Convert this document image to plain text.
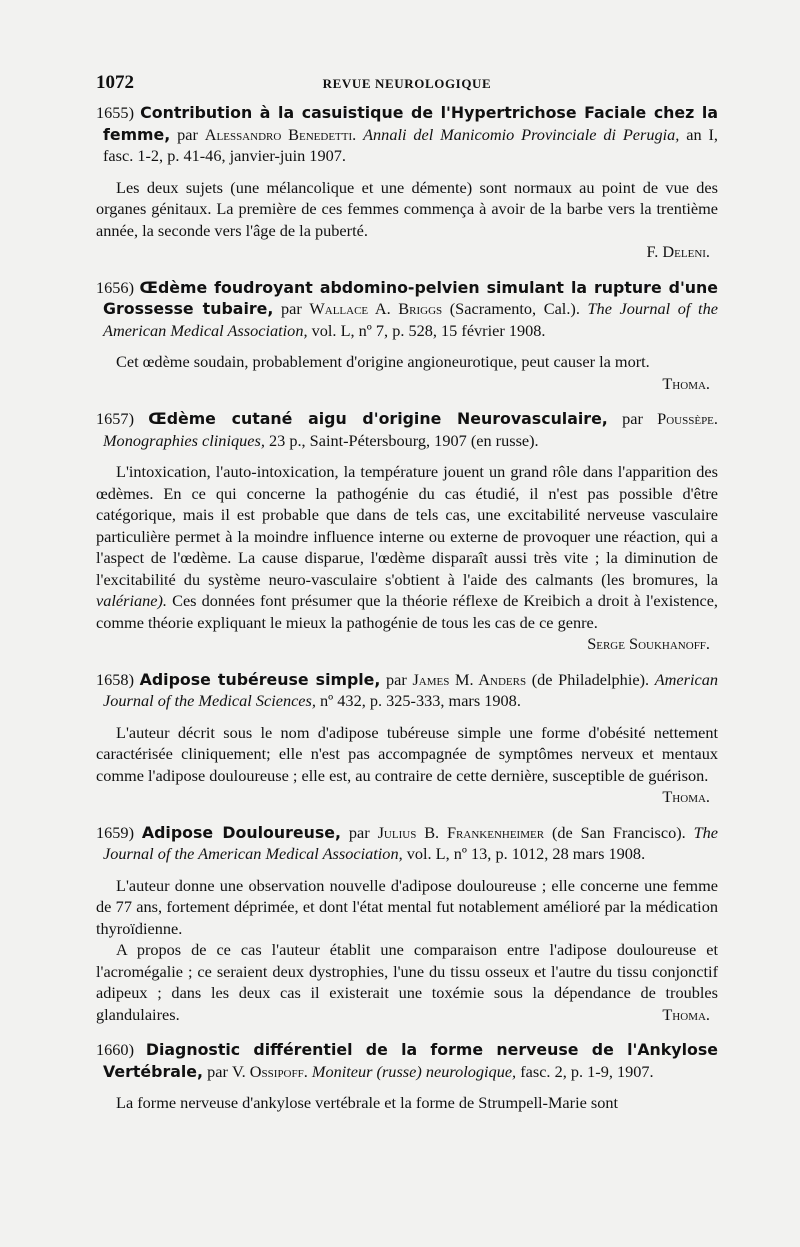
1072	REVUE NEUROLOGIQUE
1655) Contribution à la casuistique de l'Hypertrichose Faciale chez la femme, par Alessandro Benedetti. Annali del Manicomio Provinciale di Perugia, an I, fasc. 1-2, p. 41-46, janvier-juin 1907.

Les deux sujets (une mélancolique et une démente) sont normaux au point de vue des organes génitaux. La première de ces femmes commença à avoir de la barbe vers la trentième année, la seconde vers l'âge de la puberté.

F. Deleni.
1656) Œdème foudroyant abdomino-pelvien simulant la rupture d'une Grossesse tubaire, par Wallace A. Briggs (Sacramento, Cal.). The Journal of the American Medical Association, vol. L, nº 7, p. 528, 15 février 1908.

Cet œdème soudain, probablement d'origine angioneurotique, peut causer la mort.
Thoma.

1657) Œdème cutané aigu d'origine Neurovasculaire, par Poussèpe. Monographies cliniques, 23 p., Saint-Pétersbourg, 1907 (en russe).

L'intoxication, l'auto-intoxication, la température jouent un grand rôle dans l'apparition des œdèmes. En ce qui concerne la pathogénie du cas étudié, il n'est pas possible d'être catégorique, mais il est probable que dans de tels cas, une excitabilité nerveuse vasculaire particulière permet à la moindre influence interne ou externe de provoquer une réaction, qui a l'aspect de l'œdème. La cause disparue, l'œdème disparaît aussi très vite ; la diminution de l'excitabilité du système neuro-vasculaire s'obtient à l'aide des calmants (les bromures, la valériane). Ces données font présumer que la théorie réflexe de Kreibich a droit à l'existence, comme théorie expliquant le mieux la pathogénie de tous les cas de ce genre.
Serge Soukhanoff.

1658) Adipose tubéreuse simple, par James M. Anders (de Philadelphie). American Journal of the Medical Sciences, nº 432, p. 325-333, mars 1908.

L'auteur décrit sous le nom d'adipose tubéreuse simple une forme d'obésité nettement caractérisée cliniquement; elle n'est pas accompagnée de symptômes nerveux et mentaux comme l'adipose douloureuse ; elle est, au contraire de cette dernière, susceptible de guérison.
Thoma.

1659) Adipose Douloureuse, par Julius B. Frankenheimer (de San Francisco). The Journal of the American Medical Association, vol. L, nº 13, p. 1012, 28 mars 1908.

L'auteur donne une observation nouvelle d'adipose douloureuse ; elle concerne une femme de 77 ans, fortement déprimée, et dont l'état mental fut notablement amélioré par la médication thyroïdienne.

A propos de ce cas l'auteur établit une comparaison entre l'adipose douloureuse et l'acromégalie ; ce seraient deux dystrophies, l'une du tissu osseux et l'autre du tissu conjonctif adipeux ; dans les deux cas il existerait une toxémie sous la dépendance de troubles glandulaires.	Thoma.

1660) Diagnostic différentiel de la forme nerveuse de l'Ankylose Vertébrale, par V. Ossipoff. Moniteur (russe) neurologique, fasc. 2, p. 1-9, 1907.

La forme nerveuse d'ankylose vertébrale et la forme de Strumpell-Marie sont
